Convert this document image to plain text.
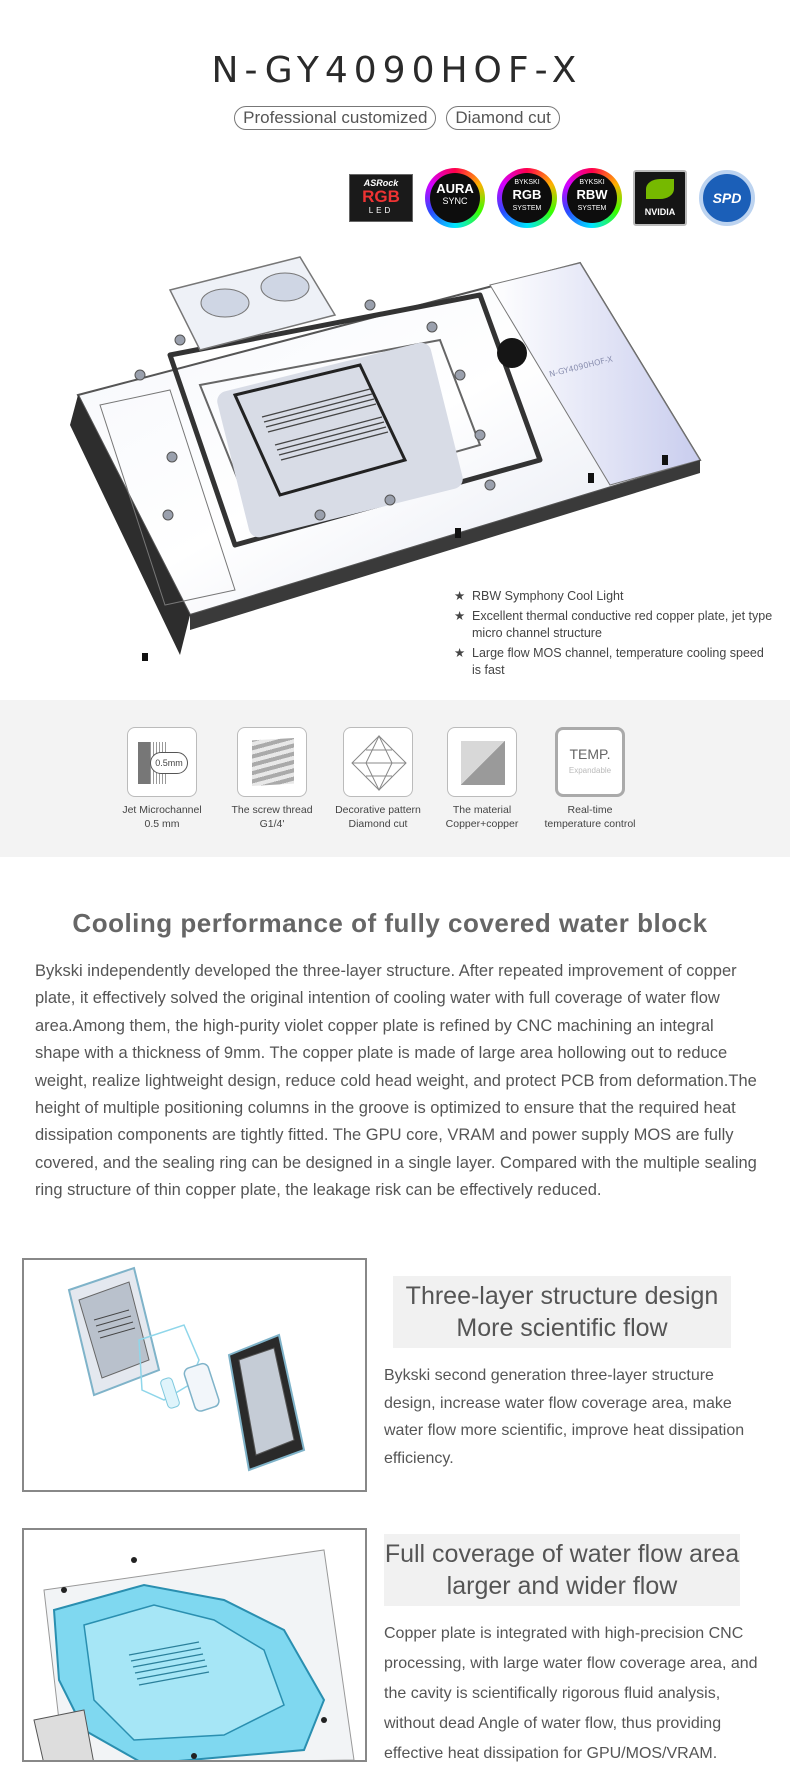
N-GY4090HOF-X
Professional customized Diamond cut
ASRock
RGB
LED
AURA
SYNC
BYKSKI
RGB
SYSTEM
BYKSKI
RBW
SYSTEM	NVIDIA
SPD
N-GY4090HOF-X
★ RBW Symphony Cool Light
★ Excellent thermal conductive red copper plate, jet type micro channel structure
★ Large flow MOS channel, temperature cooling speed is fast
0.5mm
Jet Microchannel
0.5 mm
The screw thread
G1/4'
Decorative pattern
Diamond cut
The material
Copper+copper
TEMP.
Expandable
Real-time
temperature control
Cooling performance of fully covered water block

Bykski independently developed the three-layer structure. After repeated improvement of copper plate, it effectively solved the original intention of cooling water with full coverage of water flow area.Among them, the high-purity violet copper plate is refined by CNC machining an integral shape with a thickness of 9mm. The copper plate is made of large area hollowing out to reduce weight, realize lightweight design, reduce cold head weight, and protect PCB from deformation.The height of multiple positioning columns in the groove is optimized to ensure that the required heat dissipation components are tightly fitted. The GPU core, VRAM and power supply MOS are fully covered, and the sealing ring can be designed in a single layer. Compared with the multiple sealing ring structure of thin copper plate, the leakage risk can be effectively reduced.

Three-layer structure design
More scientific flow

Bykski second generation three-layer structure design, increase water flow coverage area, make water flow more scientific, improve heat dissipation efficiency.

Full coverage of water flow area
larger and wider flow

Copper plate is integrated with high-precision CNC processing, with large water flow coverage area, and the cavity is scientifically rigorous fluid analysis, without dead Angle of water flow, thus providing effective heat dissipation for GPU/MOS/VRAM.
